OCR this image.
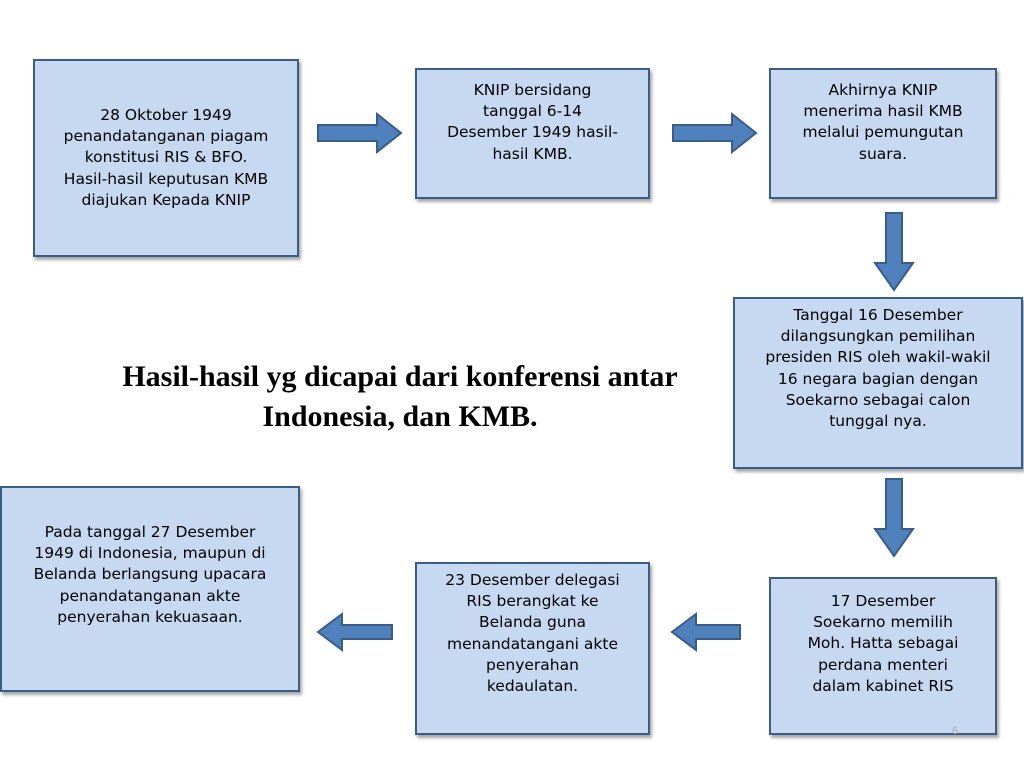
28 Oktober 1949
penandatanganan piagam
konstitusi RIS & BFO.
Hasil-hasil keputusan KMB
diajukan Kepada KNIP
KNIP bersidang
tanggal 6-14
Desember 1949 hasil-
hasil KMB.
Akhirnya KNIP
menerima hasil KMB
melalui pemungutan
suara.
Tanggal 16 Desember
dilangsungkan pemilihan
presiden RIS oleh wakil-wakil
16 negara bagian dengan
Soekarno sebagai calon
tunggal nya.
17 Desember
Soekarno memilih
Moh. Hatta sebagai
perdana menteri
dalam kabinet RIS
23 Desember delegasi
RIS berangkat ke
Belanda guna
menandatangani akte
penyerahan
kedaulatan.
Pada tanggal 27 Desember
1949 di Indonesia, maupun di
Belanda berlangsung upacara
penandatanganan akte
penyerahan kekuasaan.
Hasil-hasil yg dicapai dari konferensi antar Indonesia, dan KMB.
6
